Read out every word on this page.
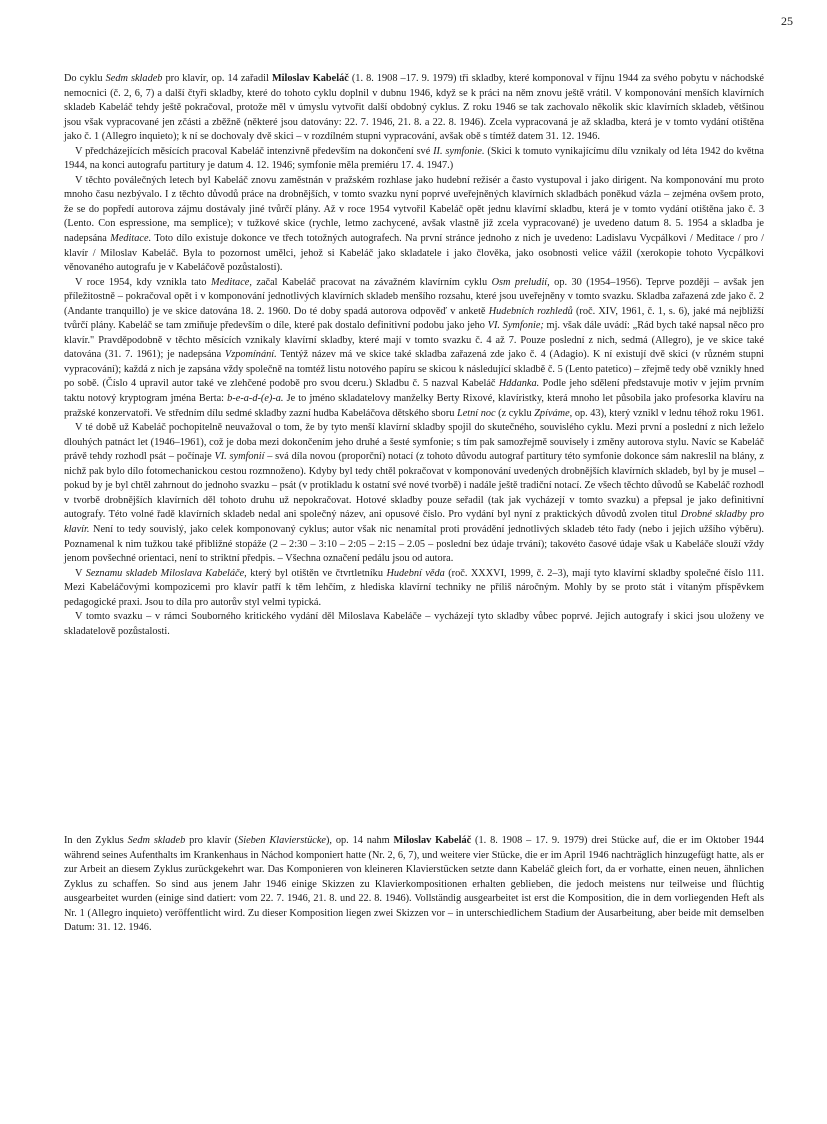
25

Do cyklu Sedm skladeb pro klavír, op. 14 zařadil Miloslav Kabeláč (1. 8. 1908 –17. 9. 1979) tři skladby, které komponoval v říjnu 1944 za svého pobytu v náchodské nemocnici (č. 2, 6, 7) a další čtyři skladby, které do tohoto cyklu doplnil v dubnu 1946, když se k práci na něm znovu ještě vrátil. V komponování menších klavírních skladeb Kabeláč tehdy ještě pokračoval, protože měl v úmyslu vytvořit další obdobný cyklus. Z roku 1946 se tak zachovalo několik skic klavírních skladeb, většinou jsou však vypracované jen zčásti a zběžně (některé jsou datovány: 22. 7. 1946, 21. 8. a 22. 8. 1946). Zcela vypracovaná je až skladba, která je v tomto vydání otištěna jako č. 1 (Allegro inquieto); k ní se dochovaly dvě skici – v rozdílném stupni vypracování, avšak obě s tímtéž datem 31. 12. 1946.

V předcházejících měsících pracoval Kabeláč intenzivně především na dokončení své II. symfonie. (Skici k tomuto vynikajícímu dílu vznikaly od léta 1942 do května 1944, na konci autografu partitury je datum 4. 12. 1946; symfonie měla premiéru 17. 4. 1947.)

V těchto poválečných letech byl Kabeláč znovu zaměstnán v pražském rozhlase jako hudební režisér a často vystupoval i jako dirigent. Na komponování mu proto mnoho času nezbývalo. I z těchto důvodů práce na drobnějších, v tomto svazku nyní poprvé uveřejněných klavírních skladbách poněkud vázla – zejména ovšem proto, že se do popředí autorova zájmu dostávaly jiné tvůrčí plány. Až v roce 1954 vytvořil Kabeláč opět jednu klavírní skladbu, která je v tomto vydání otištěna jako č. 3 (Lento. Con espressione, ma semplice); v tužkové skice (rychle, letmo zachycené, avšak vlastně již zcela vypracované) je uvedeno datum 8. 5. 1954 a skladba je nadepsána Meditace. Toto dílo existuje dokonce ve třech totožných autografech. Na první stránce jednoho z nich je uvedeno: Ladislavu Vycpálkovi / Meditace / pro / klavír / Miloslav Kabeláč. Byla to pozornost umělci, jehož si Kabeláč jako skladatele i jako člověka, jako osobnosti velice vážil (xerokopie tohoto Vycpálkovi věnovaného autografu je v Kabeláčově pozůstalosti).

V roce 1954, kdy vznikla tato Meditace, začal Kabeláč pracovat na závažném klavírním cyklu Osm preludií, op. 30 (1954–1956). Teprve později – avšak jen příležitostně – pokračoval opět i v komponování jednotlivých klavírních skladeb menšího rozsahu, které jsou uveřejněny v tomto svazku. Skladba zařazená zde jako č. 2 (Andante tranquillo) je ve skice datována 18. 2. 1960. Do té doby spadá autorova odpověď v anketě Hudebních rozhledů (roč. XIV, 1961, č. 1, s. 6), jaké má nejbližší tvůrčí plány. Kabeláč se tam zmiňuje především o díle, které pak dostalo definitivní podobu jako jeho VI. Symfonie; mj. však dále uvádí: „Rád bych také napsal něco pro klavír." Pravděpodobně v těchto měsících vznikaly klavírní skladby, které mají v tomto svazku č. 4 až 7. Pouze poslední z nich, sedmá (Allegro), je ve skice také datována (31. 7. 1961); je nadepsána Vzpomínání. Tentýž název má ve skice také skladba zařazená zde jako č. 4 (Adagio). K ní existují dvě skici (v různém stupni vypracování); každá z nich je zapsána vždy společně na tomtéž listu notového papíru se skicou k následující skladbě č. 5 (Lento patetico) – zřejmě tedy obě vznikly hned po sobě. (Číslo 4 upravil autor také ve zlehčené podobě pro svou dceru.) Skladbu č. 5 nazval Kabeláč Hddanka. Podle jeho sdělení představuje motiv v jejím prvním taktu notový kryptogram jména Berta: b-e-a-d-(e)-a. Je to jméno skladatelovy manželky Berty Rixové, klavíristky, která mnoho let působila jako profesorka klavíru na pražské konzervatoři. Ve středním dílu sedmé skladby zazní hudba Kabeláčova dětského sboru Letní noc (z cyklu Zpíváme, op. 43), který vznikl v lednu téhož roku 1961.

V té době už Kabeláč pochopitelně neuvažoval o tom, že by tyto menší klavírní skladby spojil do skutečného, souvislého cyklu. Mezi první a poslední z nich leželo dlouhých patnáct let (1946–1961), což je doba mezi dokončením jeho druhé a šesté symfonie; s tím pak samozřejmě souvisely i změny autorova stylu. Navíc se Kabeláč právě tehdy rozhodl psát – počínaje VI. symfonií – svá díla novou (proporční) notací (z tohoto důvodu autograf partitury této symfonie dokonce sám nakreslil na blány, z nichž pak bylo dílo fotomechanickou cestou rozmnoženo). Kdyby byl tedy chtěl pokračovat v komponování uvedených drobnějších klavírních skladeb, byl by je musel – pokud by je byl chtěl zahrnout do jednoho svazku – psát (v protikladu k ostatní své nové tvorbě) i nadále ještě tradiční notací. Ze všech těchto důvodů se Kabeláč rozhodl v tvorbě drobnějších klavírních děl tohoto druhu už nepokračovat. Hotové skladby pouze seřadil (tak jak vycházejí v tomto svazku) a přepsal je jako definitivní autografy. Této volné řadě klavírních skladeb nedal ani společný název, ani opusové číslo. Pro vydání byl nyní z praktických důvodů zvolen titul Drobné skladby pro klavír. Není to tedy souvislý, jako celek komponovaný cyklus; autor však nic nenamítal proti provádění jednotlivých skladeb této řady (nebo i jejich užšího výběru). Poznamenal k nim tužkou také přibližné stopáže (2 – 2:30 – 3:10 – 2:05 – 2:15 – 2.05 – poslední bez údaje trvání); takovéto časové údaje však u Kabeláče slouží vždy jenom povšechné orientaci, není to striktní předpis. – Všechna označení pedálu jsou od autora.

V Seznamu skladeb Miloslava Kabeláče, který byl otištěn ve čtvrtletníku Hudební věda (roč. XXXVI, 1999, č. 2–3), mají tyto klavírní skladby společné číslo 111. Mezi Kabeláčovými kompozicemi pro klavír patří k těm lehčím, z hlediska klavírní techniky ne příliš náročným. Mohly by se proto stát i vítaným příspěvkem pedagogické praxi. Jsou to díla pro autorův styl velmi typická.

V tomto svazku – v rámci Souborného kritického vydání děl Miloslava Kabeláče – vycházejí tyto skladby vůbec poprvé. Jejich autografy i skici jsou uloženy ve skladatelově pozůstalosti.

In den Zyklus Sedm skladeb pro klavír (Sieben Klavierstücke), op. 14 nahm Miloslav Kabeláč (1. 8. 1908 – 17. 9. 1979) drei Stücke auf, die er im Oktober 1944 während seines Aufenthalts im Krankenhaus in Náchod komponiert hatte (Nr. 2, 6, 7), und weitere vier Stücke, die er im April 1946 nachträglich hinzugefügt hatte, als er zur Arbeit an diesem Zyklus zurückgekehrt war. Das Komponieren von kleineren Klavierstücken setzte dann Kabeláč gleich fort, da er vorhatte, einen neuen, ähnlichen Zyklus zu schaffen. So sind aus jenem Jahr 1946 einige Skizzen zu Klavierkompositionen erhalten geblieben, die jedoch meistens nur teilweise und flüchtig ausgearbeitet wurden (einige sind datiert: vom 22. 7. 1946, 21. 8. und 22. 8. 1946). Vollständig ausgearbeitet ist erst die Komposition, die in dem vorliegenden Heft als Nr. 1 (Allegro inquieto) veröffentlicht wird. Zu dieser Komposition liegen zwei Skizzen vor – in unterschiedlichem Stadium der Ausarbeitung, aber beide mit demselben Datum: 31. 12. 1946.
